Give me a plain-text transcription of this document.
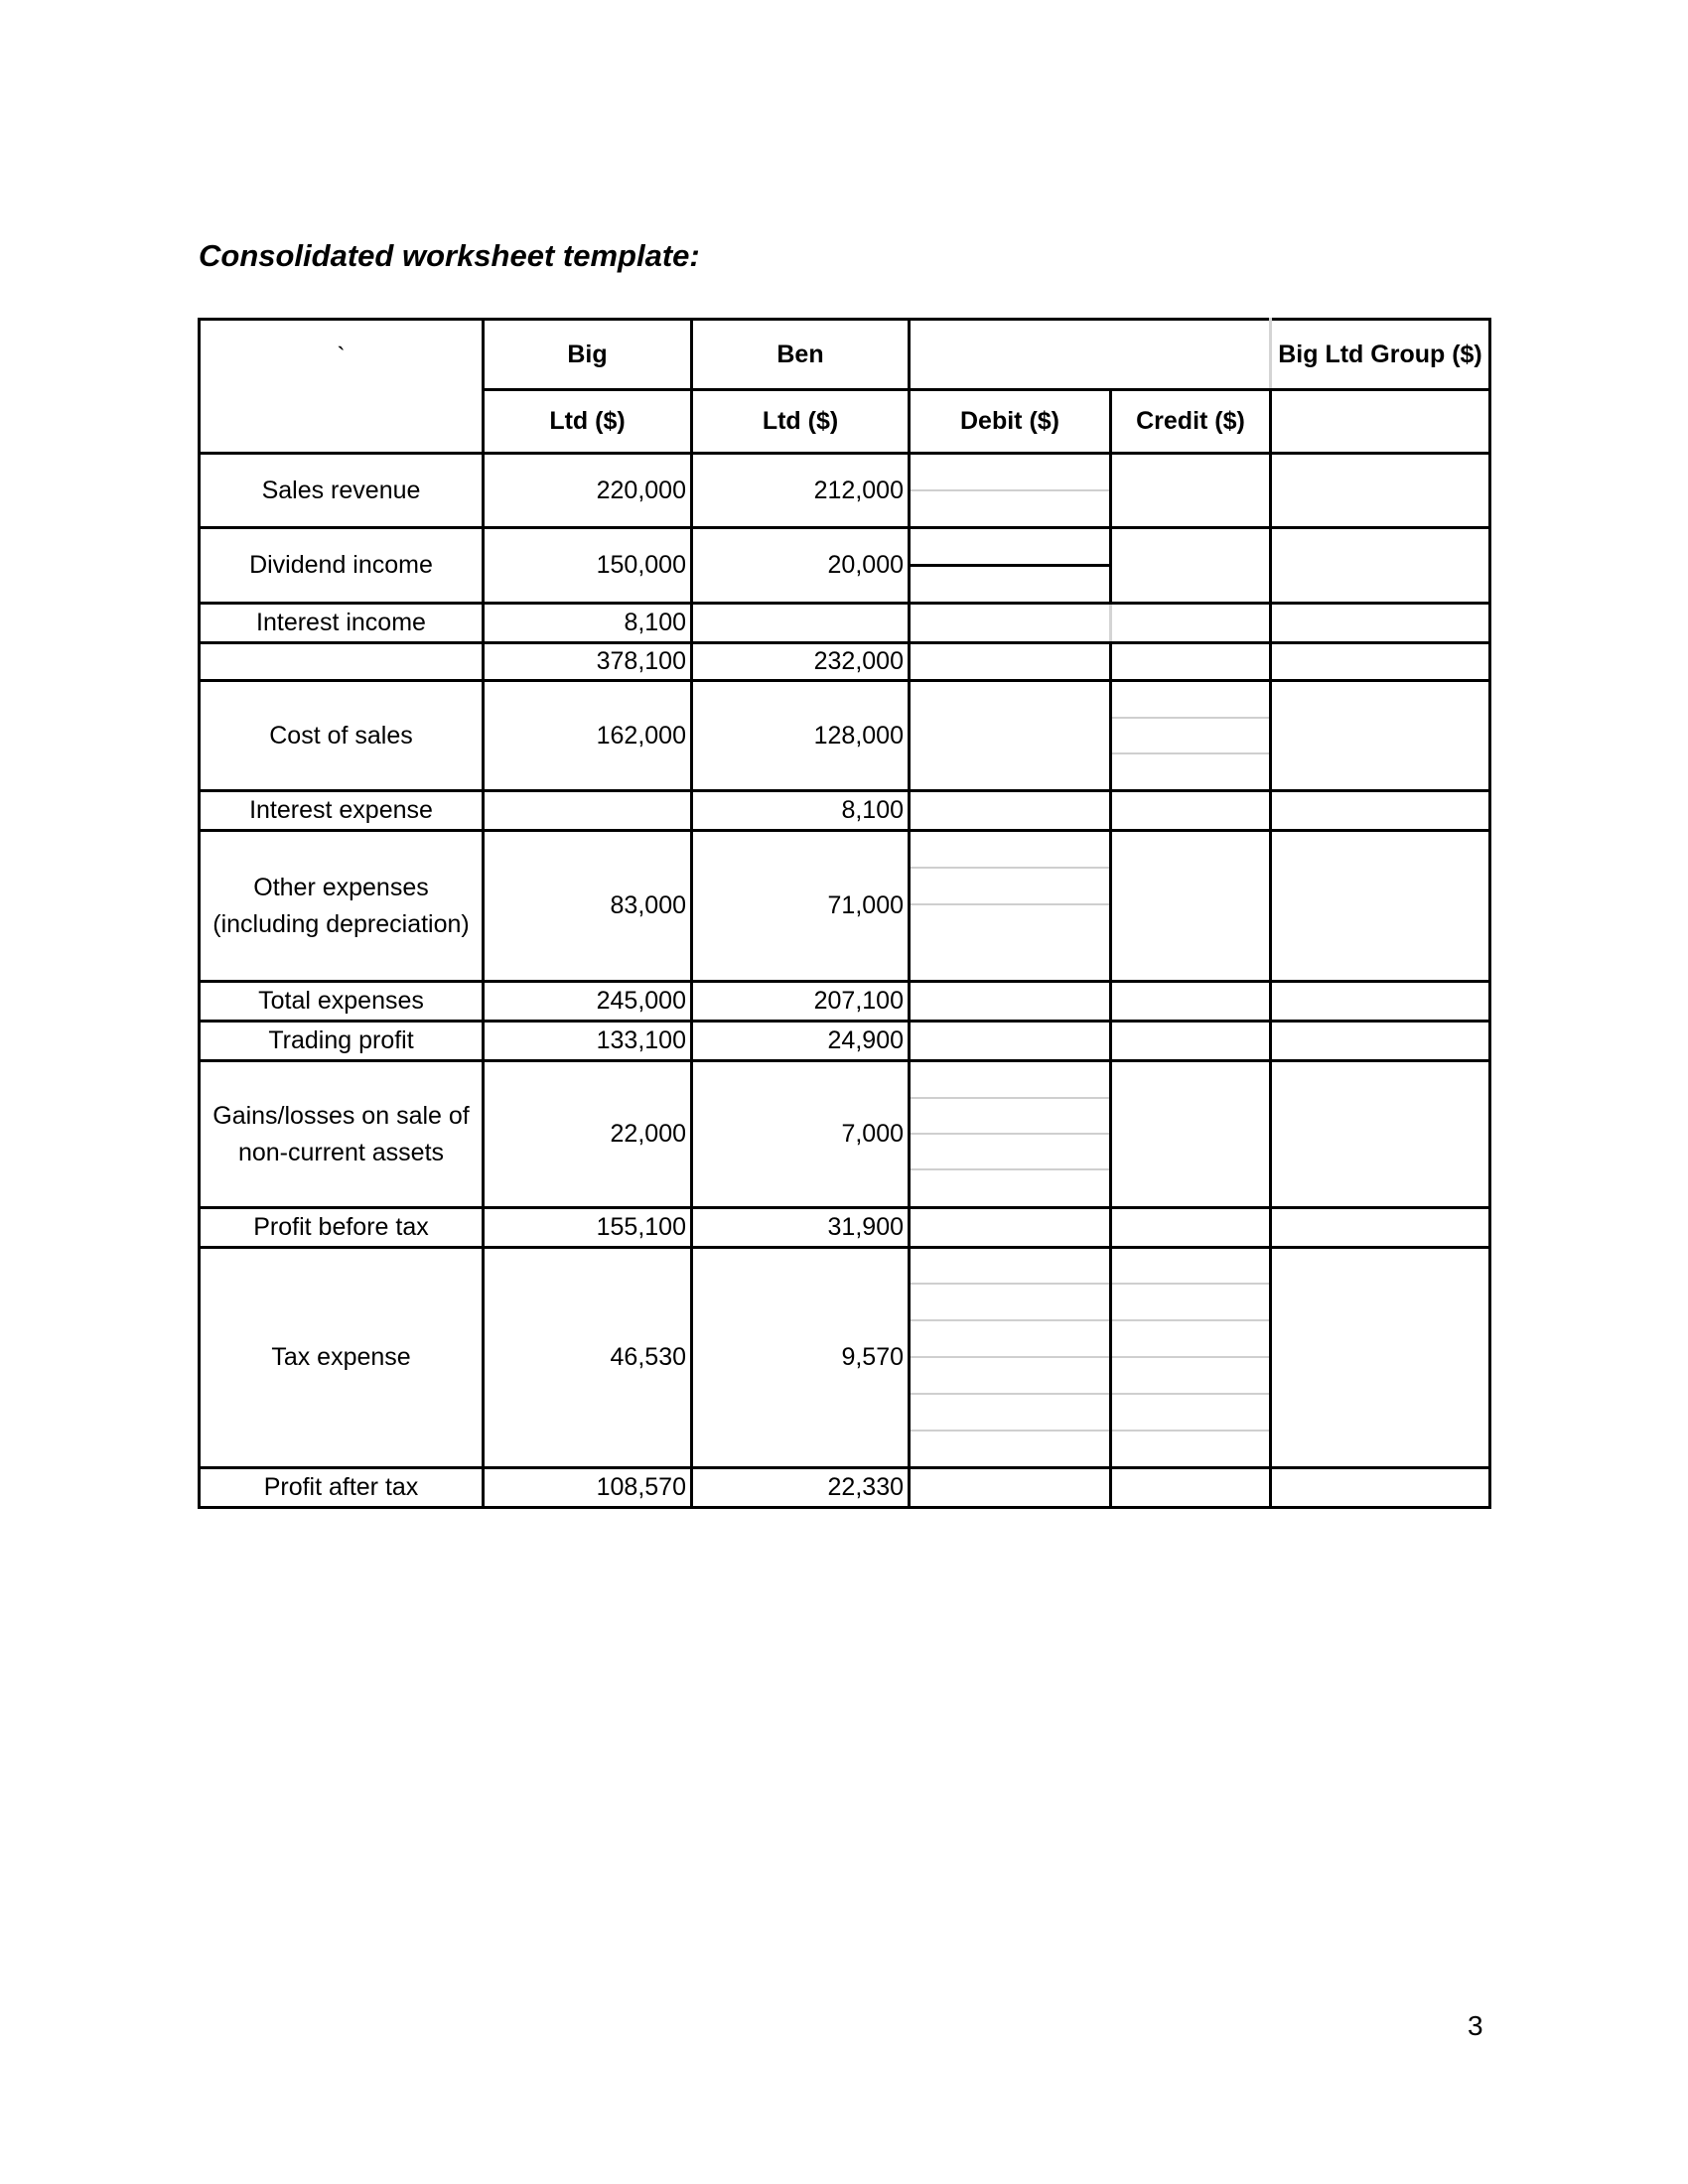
Consolidated worksheet template:
`	Big	Ben			Big Ltd Group ($)
	Ltd ($)	Ltd ($)	Debit ($)	Credit ($)	
Sales revenue	220,000	212,000	

Dividend income	150,000	20,000	

Interest income	8,100				
	378,100	232,000			
Cost of sales	162,000	128,000		

Interest expense		8,100			
Other expenses (including depreciation)	83,000	71,000	

Total expenses	245,000	207,100			
Trading profit	133,100	24,900			
Gains/losses on sale of non-current assets	22,000	7,000	

Profit before tax	155,100	31,900			
Tax expense	46,530	9,570	

Profit after tax	108,570	22,330			

3
